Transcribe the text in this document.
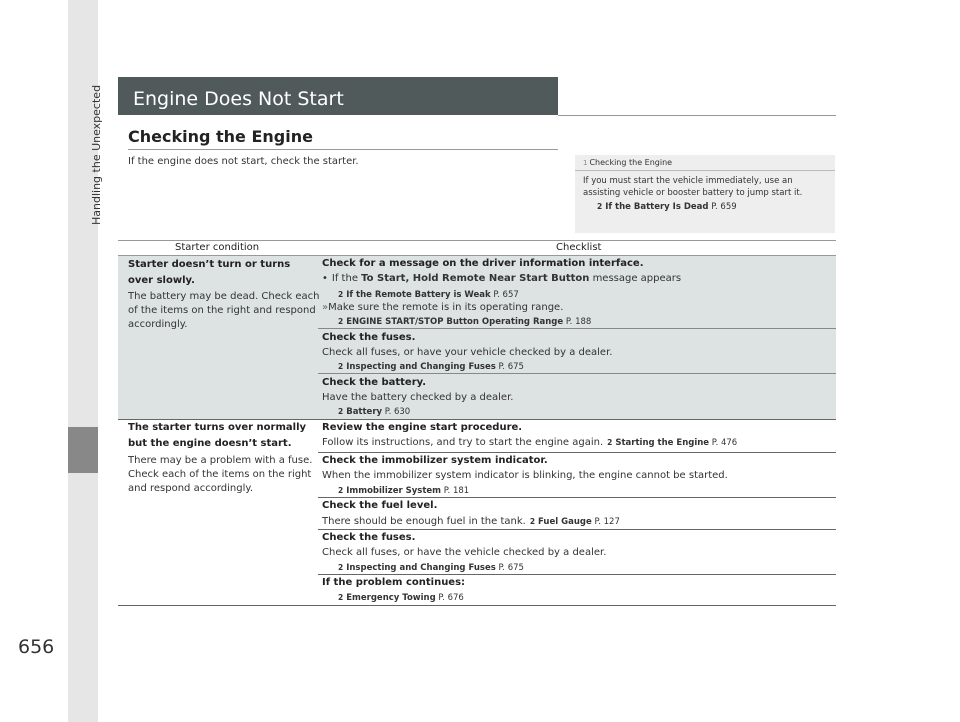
Handling the Unexpected
656
Engine Does Not Start
Checking the Engine
If the engine does not start, check the starter.	1 Checking the Engine
If you must start the vehicle immediately, use an assisting vehicle or booster battery to jump start it.
2 If the Battery Is Dead P. 659
Starter condition	Checklist
Starter doesn’t turn or turns over slowly.
The battery may be dead. Check each of the items on the right and respond accordingly.
Check for a message on the driver information interface.
• If the To Start, Hold Remote Near Start Button message appears
2 If the Remote Battery is Weak P. 657
»Make sure the remote is in its operating range.
2 ENGINE START/STOP Button Operating Range P. 188
Check the fuses.
Check all fuses, or have your vehicle checked by a dealer.
2 Inspecting and Changing Fuses P. 675
Check the battery.
Have the battery checked by a dealer.
2 Battery P. 630
The starter turns over normally but the engine doesn’t start.
There may be a problem with a fuse. Check each of the items on the right and respond accordingly.
Review the engine start procedure.
Follow its instructions, and try to start the engine again. 2 Starting the Engine P. 476
Check the immobilizer system indicator.
When the immobilizer system indicator is blinking, the engine cannot be started.
2 Immobilizer System P. 181
Check the fuel level.
There should be enough fuel in the tank. 2 Fuel Gauge P. 127
Check the fuses.
Check all fuses, or have the vehicle checked by a dealer.
2 Inspecting and Changing Fuses P. 675
If the problem continues:
2 Emergency Towing P. 676
